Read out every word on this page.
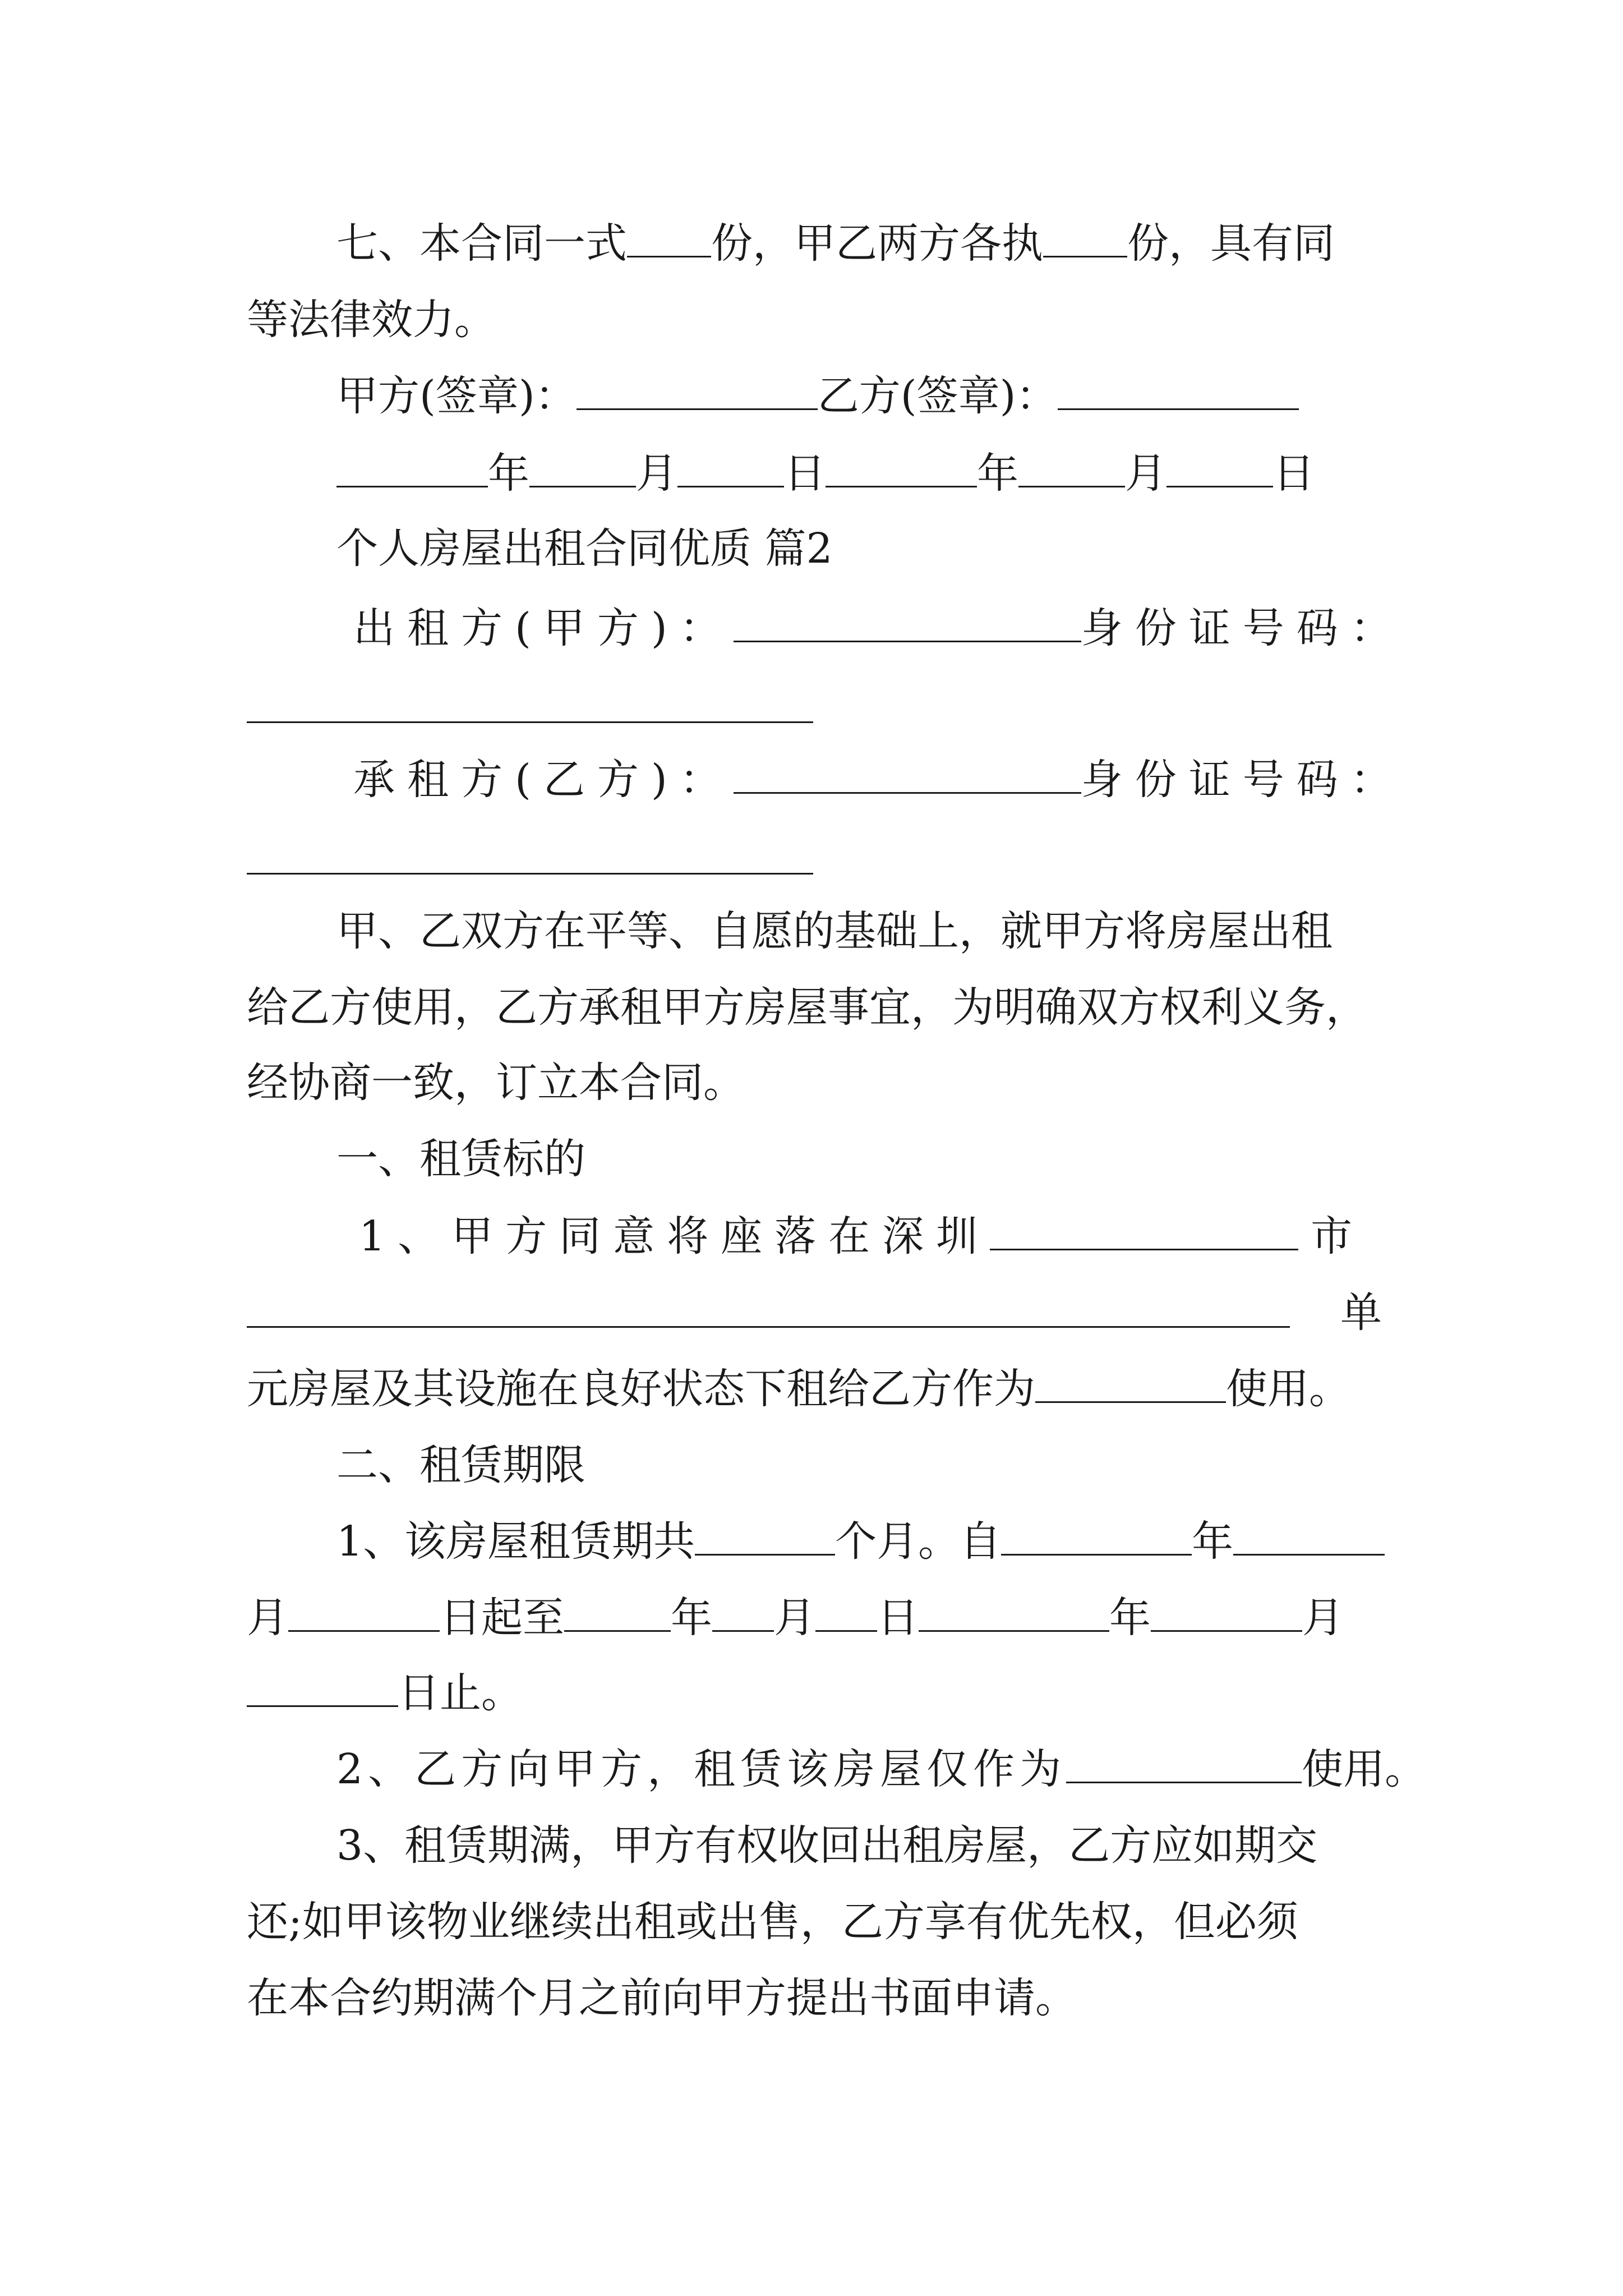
七、本合同一式 份，甲乙两方各执 份，具有同
等法律效力。
甲方(签章)：	乙方(签章)：
年	月	日	年	月	日
个人房屋出租合同优质 篇2
出租方(甲方)：	身份证号码：
承租方(乙方)：	身份证号码：
甲、乙双方在平等、自愿的基础上，就甲方将房屋出租
给乙方使用，乙方承租甲方房屋事宜，为明确双方权利义务，
经协商一致，订立本合同。
一、租赁标的
1、甲方同意将座落在深圳	市
单
元房屋及其设施在良好状态下租给乙方作为	使用。
二、租赁期限
1、该房屋租赁期共	个月。自	年
月	日起至	年 月 日	年	月
日止。
2、乙方向甲方，租赁该房屋仅作为	使用。
3、租赁期满，甲方有权收回出租房屋，乙方应如期交
还;如甲该物业继续出租或出售，乙方享有优先权，但必须
在本合约期满个月之前向甲方提出书面申请。
